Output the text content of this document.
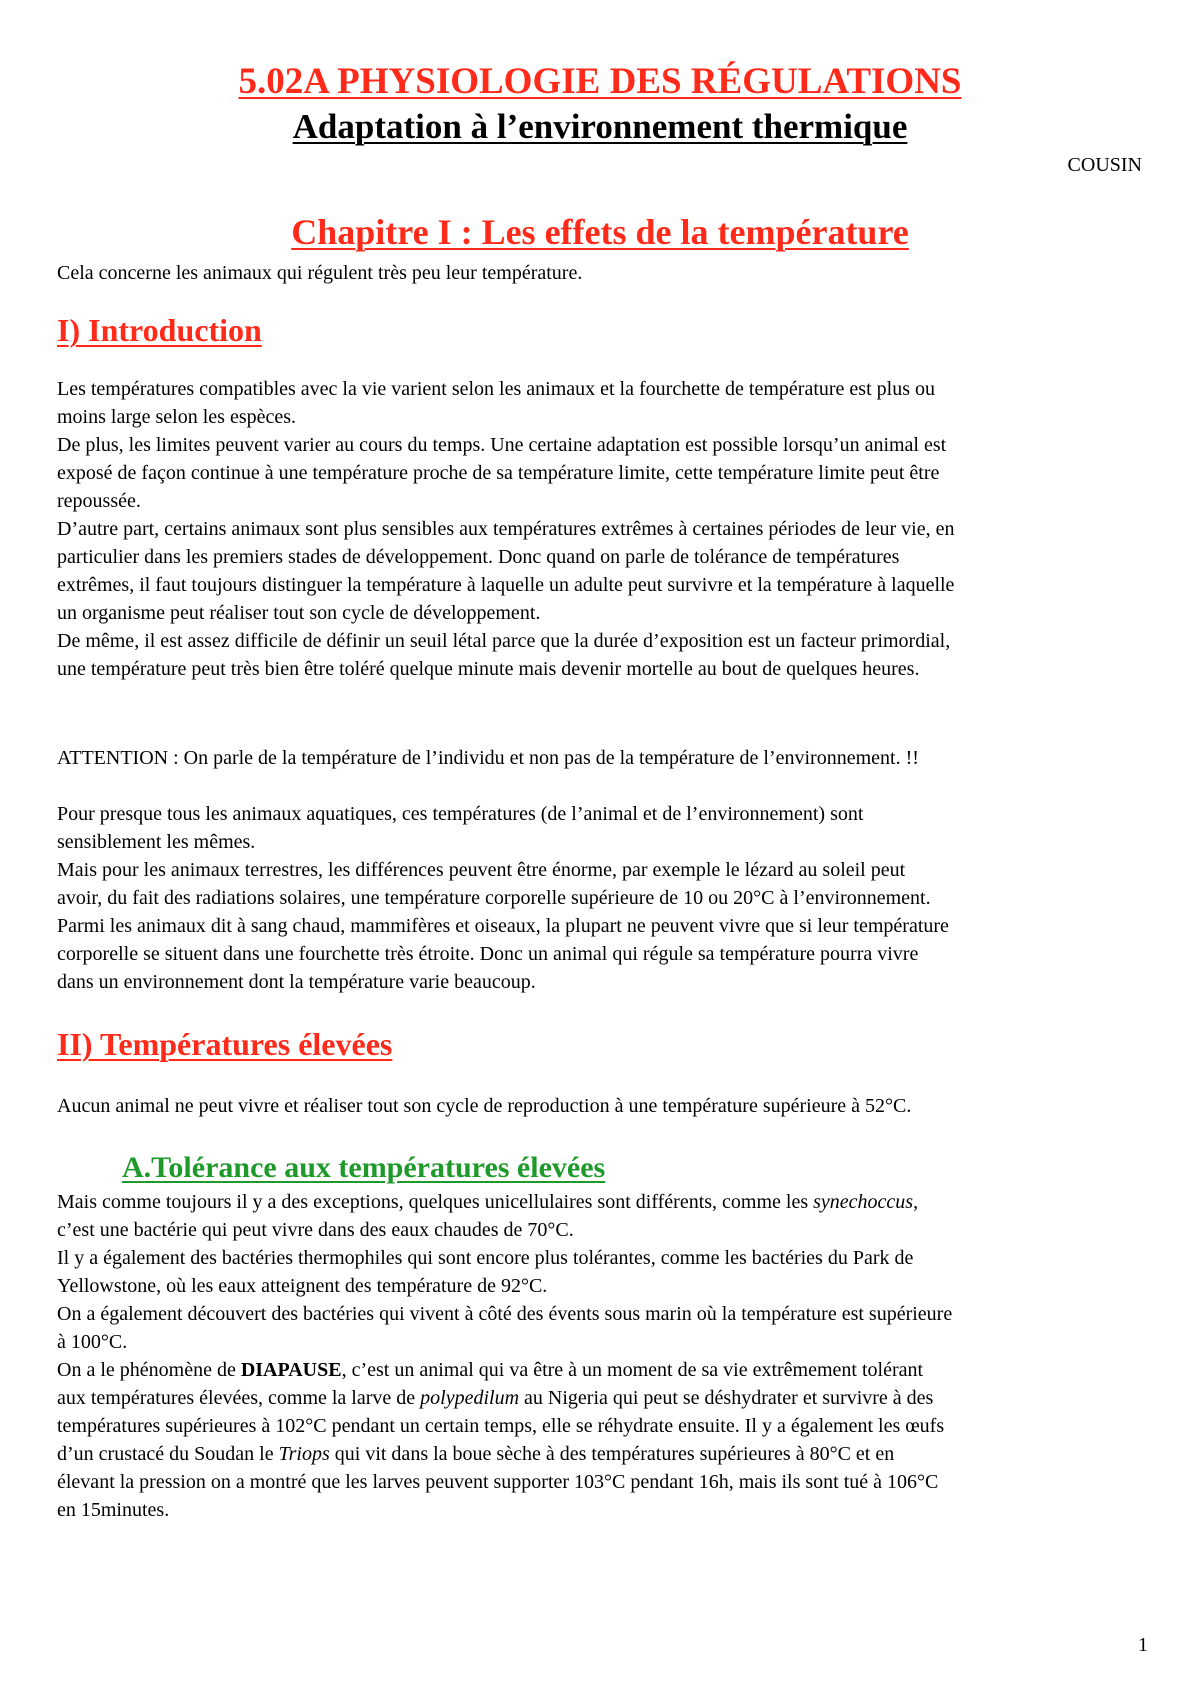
5.02A PHYSIOLOGIE DES RÉGULATIONS
Adaptation à l’environnement thermique

COUSIN

Chapitre I : Les effets de la température

Cela concerne les animaux qui régulent très peu leur température.

I) Introduction

Les températures compatibles avec la vie varient selon les animaux et la fourchette de température est plus ou
moins large selon les espèces.
De plus, les limites peuvent varier au cours du temps. Une certaine adaptation est possible lorsqu’un animal est
exposé de façon continue à une température proche de sa température limite, cette température limite peut être
repoussée.
D’autre part, certains animaux sont plus sensibles aux températures extrêmes à certaines périodes de leur vie, en
particulier dans les premiers stades de développement. Donc quand on parle de tolérance de températures
extrêmes, il faut toujours distinguer la température à laquelle un adulte peut survivre et la température à laquelle
un organisme peut réaliser tout son cycle de développement.
De même, il est assez difficile de définir un seuil létal parce que la durée d’exposition est un facteur primordial,
une température peut très bien être toléré quelque minute mais devenir mortelle au bout de quelques heures.

ATTENTION : On parle de la température de l’individu et non pas de la température de l’environnement. !!

Pour presque tous les animaux aquatiques, ces températures (de l’animal et de l’environnement) sont
sensiblement les mêmes.
Mais pour les animaux terrestres, les différences peuvent être énorme, par exemple le lézard au soleil peut
avoir, du fait des radiations solaires, une température corporelle supérieure de 10 ou 20°C à l’environnement.
Parmi les animaux dit à sang chaud, mammifères et oiseaux, la plupart ne peuvent vivre que si leur température
corporelle se situent dans une fourchette très étroite. Donc un animal qui régule sa température pourra vivre
dans un environnement dont la température varie beaucoup.

II) Températures élevées

Aucun animal ne peut vivre et réaliser tout son cycle de reproduction à une température supérieure à 52°C.

A.Tolérance aux températures élevées

Mais comme toujours il y a des exceptions, quelques unicellulaires sont différents, comme les synechoccus,
c’est une bactérie qui peut vivre dans des eaux chaudes de 70°C.
Il y a également des bactéries thermophiles qui sont encore plus tolérantes, comme les bactéries du Park de
Yellowstone, où les eaux atteignent des température de 92°C.
On a également découvert des bactéries qui vivent à côté des évents sous marin où la température est supérieure
à 100°C.
On a le phénomène de DIAPAUSE, c’est un animal qui va être à un moment de sa vie extrêmement tolérant
aux températures élevées, comme la larve de polypedilum au Nigeria qui peut se déshydrater et survivre à des
températures supérieures à 102°C pendant un certain temps, elle se réhydrate ensuite. Il y a également les œufs
d’un crustacé du Soudan le Triops qui vit dans la boue sèche à des températures supérieures à 80°C et en
élevant la pression on a montré que les larves peuvent supporter 103°C pendant 16h, mais ils sont tué à 106°C
en 15minutes.

1
